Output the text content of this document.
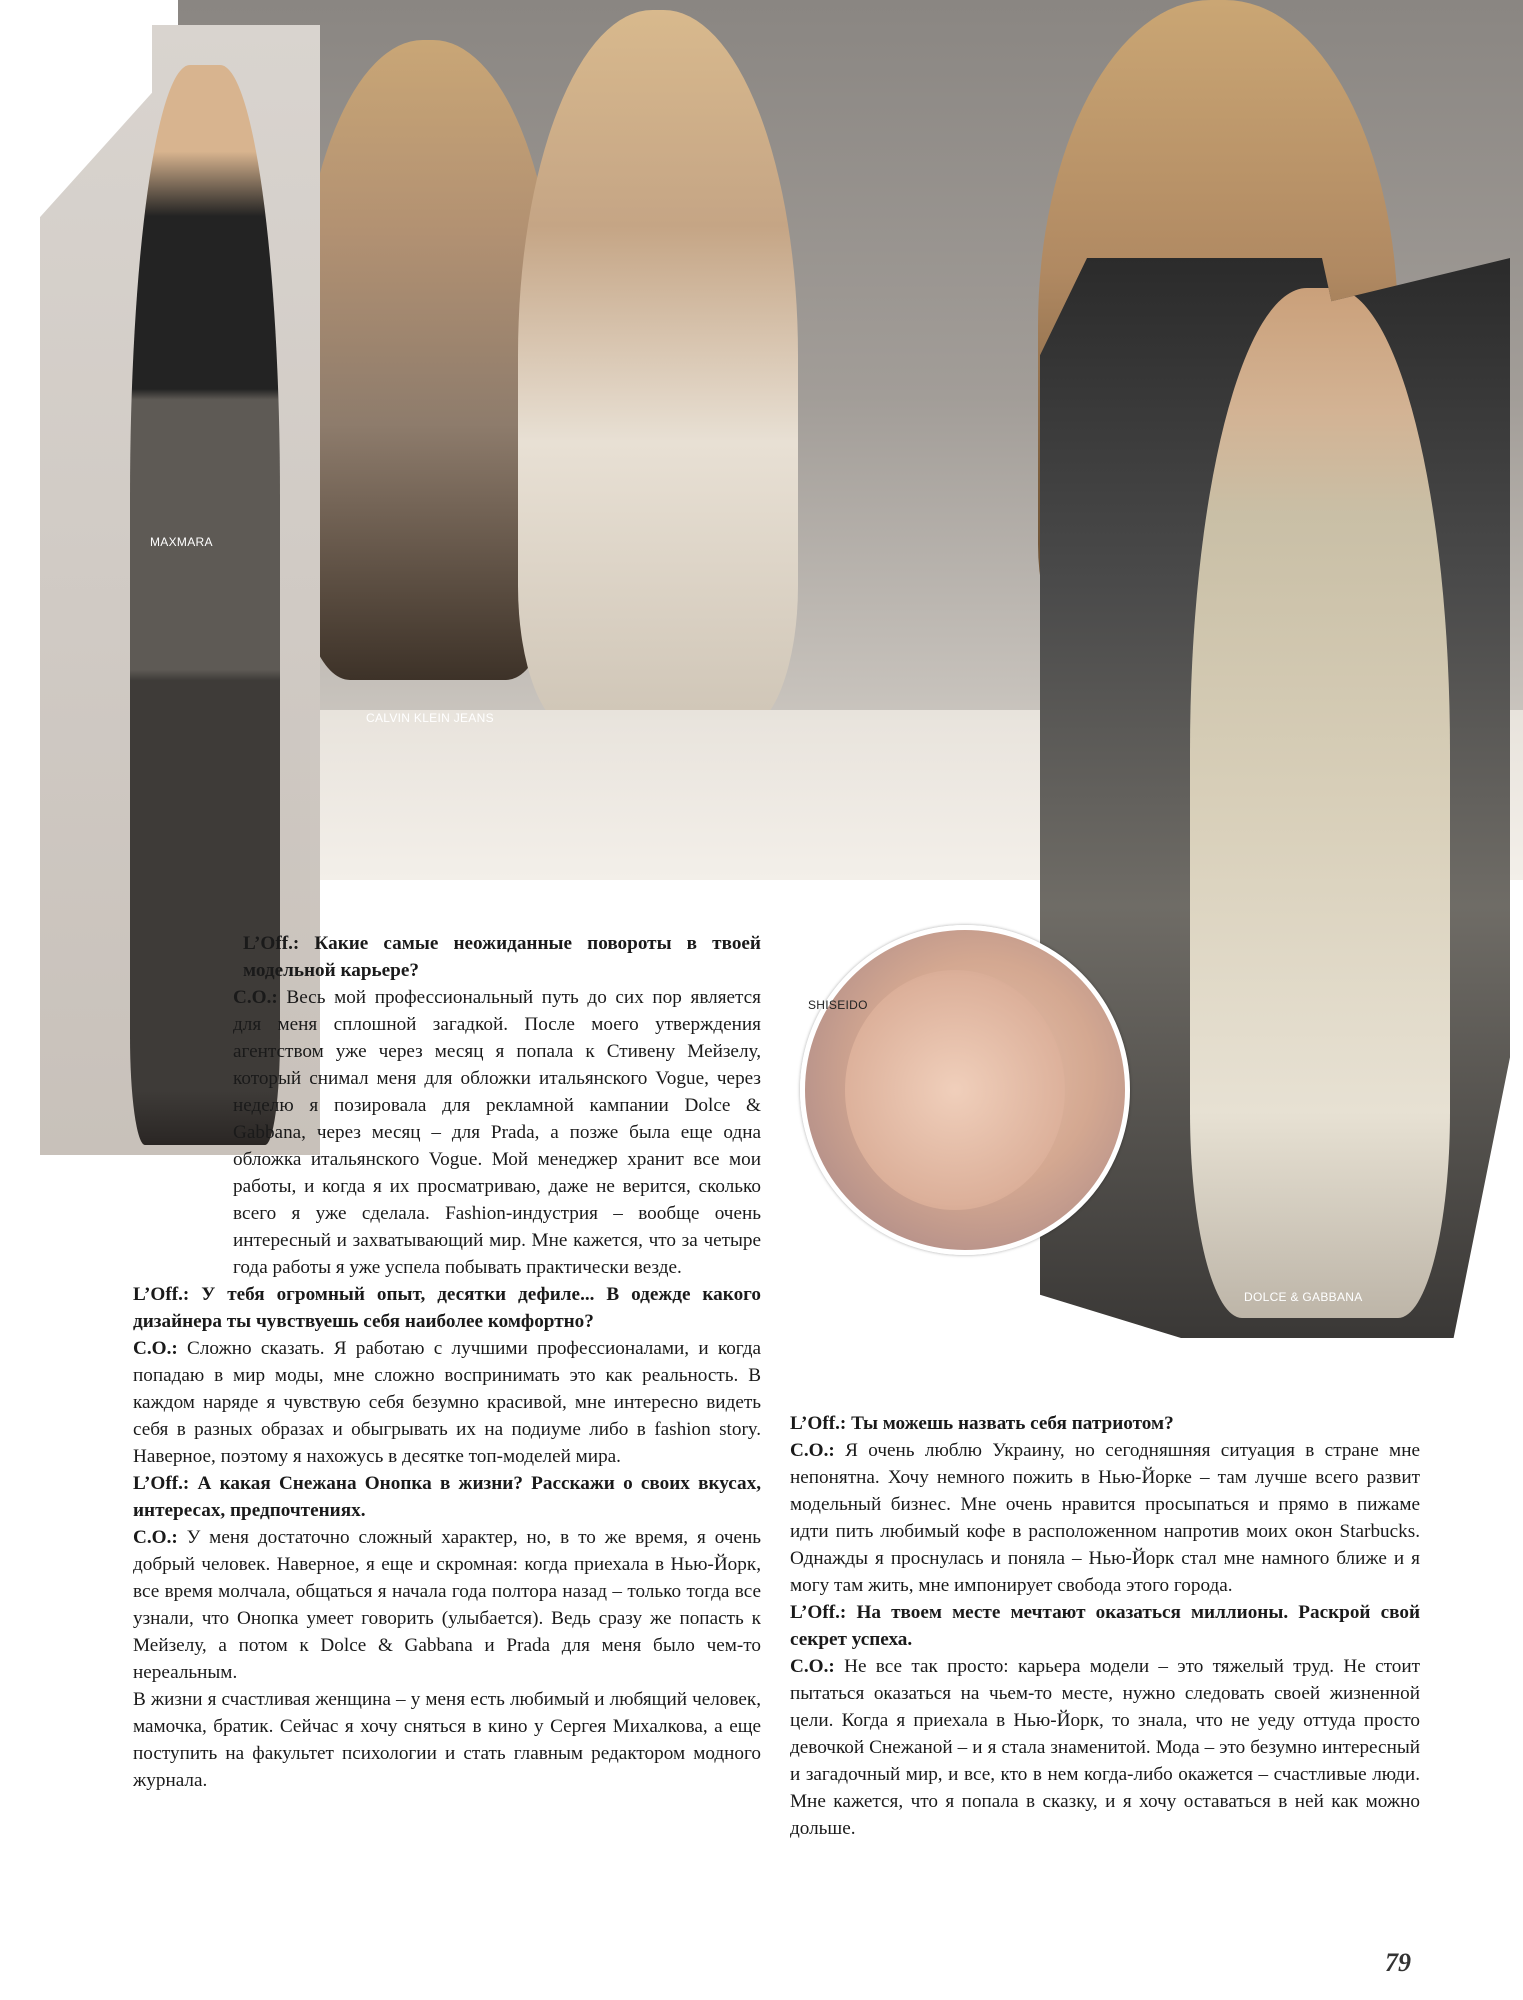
MAXMARA
CALVIN KLEIN JEANS
SHISEIDO
DOLCE & GABBANA

L’Off.: Какие самые неожиданные повороты в твоей модельной карьере?

С.О.: Весь мой профессиональный путь до сих пор является для меня сплошной загадкой. После моего утверждения агентством уже через месяц я попала к Стивену Мейзелу, который снимал меня для обложки итальянского Vogue, через неделю я позировала для рекламной кампании Dolce & Gabbana, через месяц – для Prada, а позже была еще одна обложка итальянского Vogue. Мой менеджер хранит все мои работы, и когда я их просматриваю, даже не верится, сколько всего я уже сделала. Fashion-индустрия – вообще очень интересный и захватывающий мир. Мне кажется, что за четыре года работы я уже успела побывать практически везде.

L’Off.: У тебя огромный опыт, десятки дефиле... В одежде какого дизайнера ты чувствуешь себя наиболее комфортно?

С.О.: Сложно сказать. Я работаю с лучшими профессионалами, и когда попадаю в мир моды, мне сложно воспринимать это как реальность. В каждом наряде я чувствую себя безумно красивой, мне интересно видеть себя в разных образах и обыгрывать их на подиуме либо в fashion story. Наверное, поэтому я нахожусь в десятке топ-моделей мира.

L’Off.: А какая Снежана Онопка в жизни? Расскажи о своих вкусах, интересах, предпочтениях.

С.О.: У меня достаточно сложный характер, но, в то же время, я очень добрый человек. Наверное, я еще и скромная: когда приехала в Нью-Йорк, все время молчала, общаться я начала года полтора назад – только тогда все узнали, что Онопка умеет говорить (улыбается). Ведь сразу же попасть к Мейзелу, а потом к Dolce & Gabbana и Prada для меня было чем-то нереальным.

В жизни я счастливая женщина – у меня есть любимый и любящий человек, мамочка, братик. Сейчас я хочу сняться в кино у Сергея Михалкова, а еще поступить на факультет психологии и стать главным редактором модного журнала.

L’Off.: Ты можешь назвать себя патриотом?

С.О.: Я очень люблю Украину, но сегодняшняя ситуация в стране мне непонятна. Хочу немного пожить в Нью-Йорке – там лучше всего развит модельный бизнес. Мне очень нравится просыпаться и прямо в пижаме идти пить любимый кофе в расположенном напротив моих окон Starbucks. Однажды я проснулась и поняла – Нью-Йорк стал мне намного ближе и я могу там жить, мне импонирует свобода этого города.

L’Off.: На твоем месте мечтают оказаться миллионы. Раскрой свой секрет успеха.

С.О.: Не все так просто: карьера модели – это тяжелый труд. Не стоит пытаться оказаться на чьем-то месте, нужно следовать своей жизненной цели. Когда я приехала в Нью-Йорк, то знала, что не уеду оттуда просто девочкой Снежаной – и я стала знаменитой. Мода – это безумно интересный и загадочный мир, и все, кто в нем когда-либо окажется – счастливые люди. Мне кажется, что я попала в сказку, и я хочу оставаться в ней как можно дольше.

79
